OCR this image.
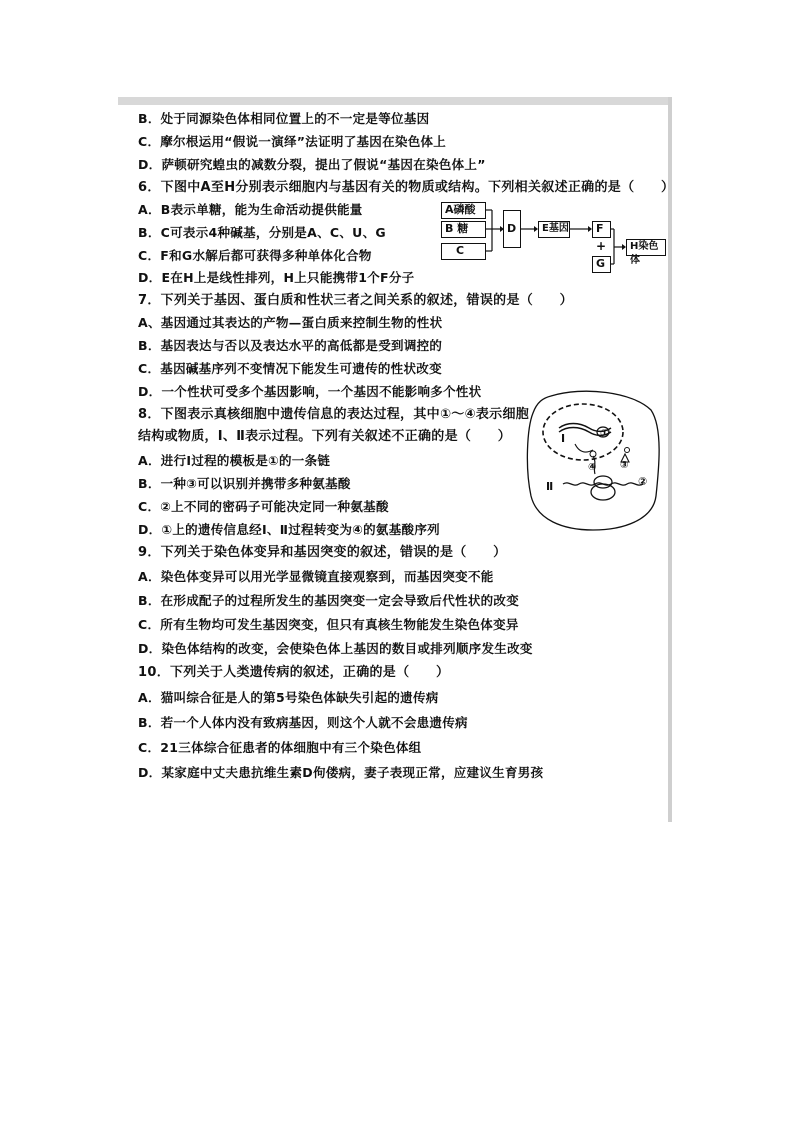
B．处于同源染色体相同位置上的不一定是等位基因
C．摩尔根运用“假说一演绎”法证明了基因在染色体上
D．萨顿研究蝗虫的减数分裂，提出了假说“基因在染色体上”
6．下图中A至H分别表示细胞内与基因有关的物质或结构。下列相关叙述正确的是（　　）
A．B表示单糖，能为生命活动提供能量
B．C可表示4种碱基，分别是A、C、U、G
C．F和G水解后都可获得多种单体化合物
D．E在H上是线性排列，H上只能携带1个F分子
7．下列关于基因、蛋白质和性状三者之间关系的叙述，错误的是（　　）
A、基因通过其表达的产物—蛋白质来控制生物的性状
B．基因表达与否以及表达水平的高低都是受到调控的
C．基因碱基序列不变情况下能发生可遗传的性状改变
D．一个性状可受多个基因影响，一个基因不能影响多个性状
8．下图表示真核细胞中遗传信息的表达过程，其中①～④表示细胞
结构或物质，Ⅰ、Ⅱ表示过程。下列有关叙述不正确的是（　　）
A．进行Ⅰ过程的模板是①的一条链
B．一种③可以识别并携带多种氨基酸
C．②上不同的密码子可能决定同一种氨基酸
D．①上的遗传信息经Ⅰ、Ⅱ过程转变为④的氨基酸序列
9．下列关于染色体变异和基因突变的叙述，错误的是（　　）
A．染色体变异可以用光学显微镜直接观察到，而基因突变不能
B．在形成配子的过程所发生的基因突变一定会导致后代性状的改变
C．所有生物均可发生基因突变，但只有真核生物能发生染色体变异
D．染色体结构的改变，会使染色体上基因的数目或排列顺序发生改变
10．下列关于人类遗传病的叙述，正确的是（　　）
A．猫叫综合征是人的第5号染色体缺失引起的遗传病
B．若一个人体内没有致病基因，则这个人就不会患遗传病
C．21三体综合征患者的体细胞中有三个染色体组
D．某家庭中丈夫患抗维生素D佝偻病，妻子表现正常，应建议生育男孩
A磷酸
B 糖
C
D	E基因	F
+
G
H染色体
Ⅰ
Ⅱ
①
②
③
④
